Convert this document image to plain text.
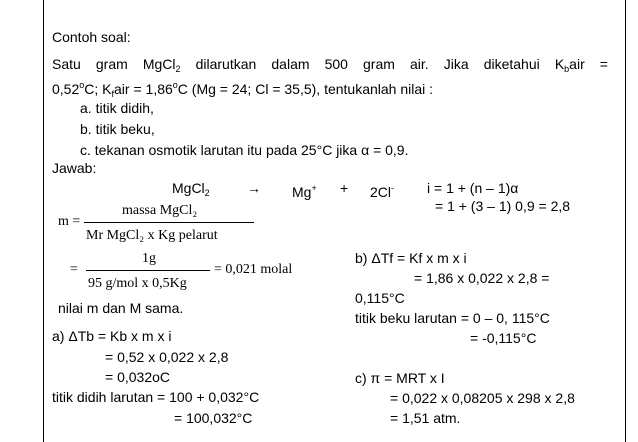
Contoh soal:
Satu gram MgCl$_2$ dilarutkan dalam 500 gram air. Jika diketahui $K_bair$ =
$0,52^oC$; $K_fair = 1,86^oC$ (Mg = 24; Cl = 35,5), tentukanlah nilai :
a. titik didih,
b. titik beku,
c. tekanan osmotik larutan itu pada 25°C jika α = 0,9.
Jawab:
MgCl$_2$	→ Mg+ + 2Cl- i = 1 + (n – 1)α
= 1 + (3 – 1) 0,9 = 2,8
m =
massa MgCl₂
Mr MgCl₂ x Kg pelarut
=
1g
95 g/mol x 0,5Kg
= 0,021 molal
nilai m dan M sama.
a) ΔTb = Kb x m x i
= 0,52 x 0,022 x 2,8
= 0,032oC
titik didih larutan = 100 + 0,032°C
= 100,032°C
b) ΔTf = Kf x m x i
= 1,86 x 0,022 x 2,8 =
0,115°C
titik beku larutan = 0 – 0, 115°C
= -0,115°C
c) π = MRT x I
= 0,022 x 0,08205 x 298 x 2,8
= 1,51 atm.
